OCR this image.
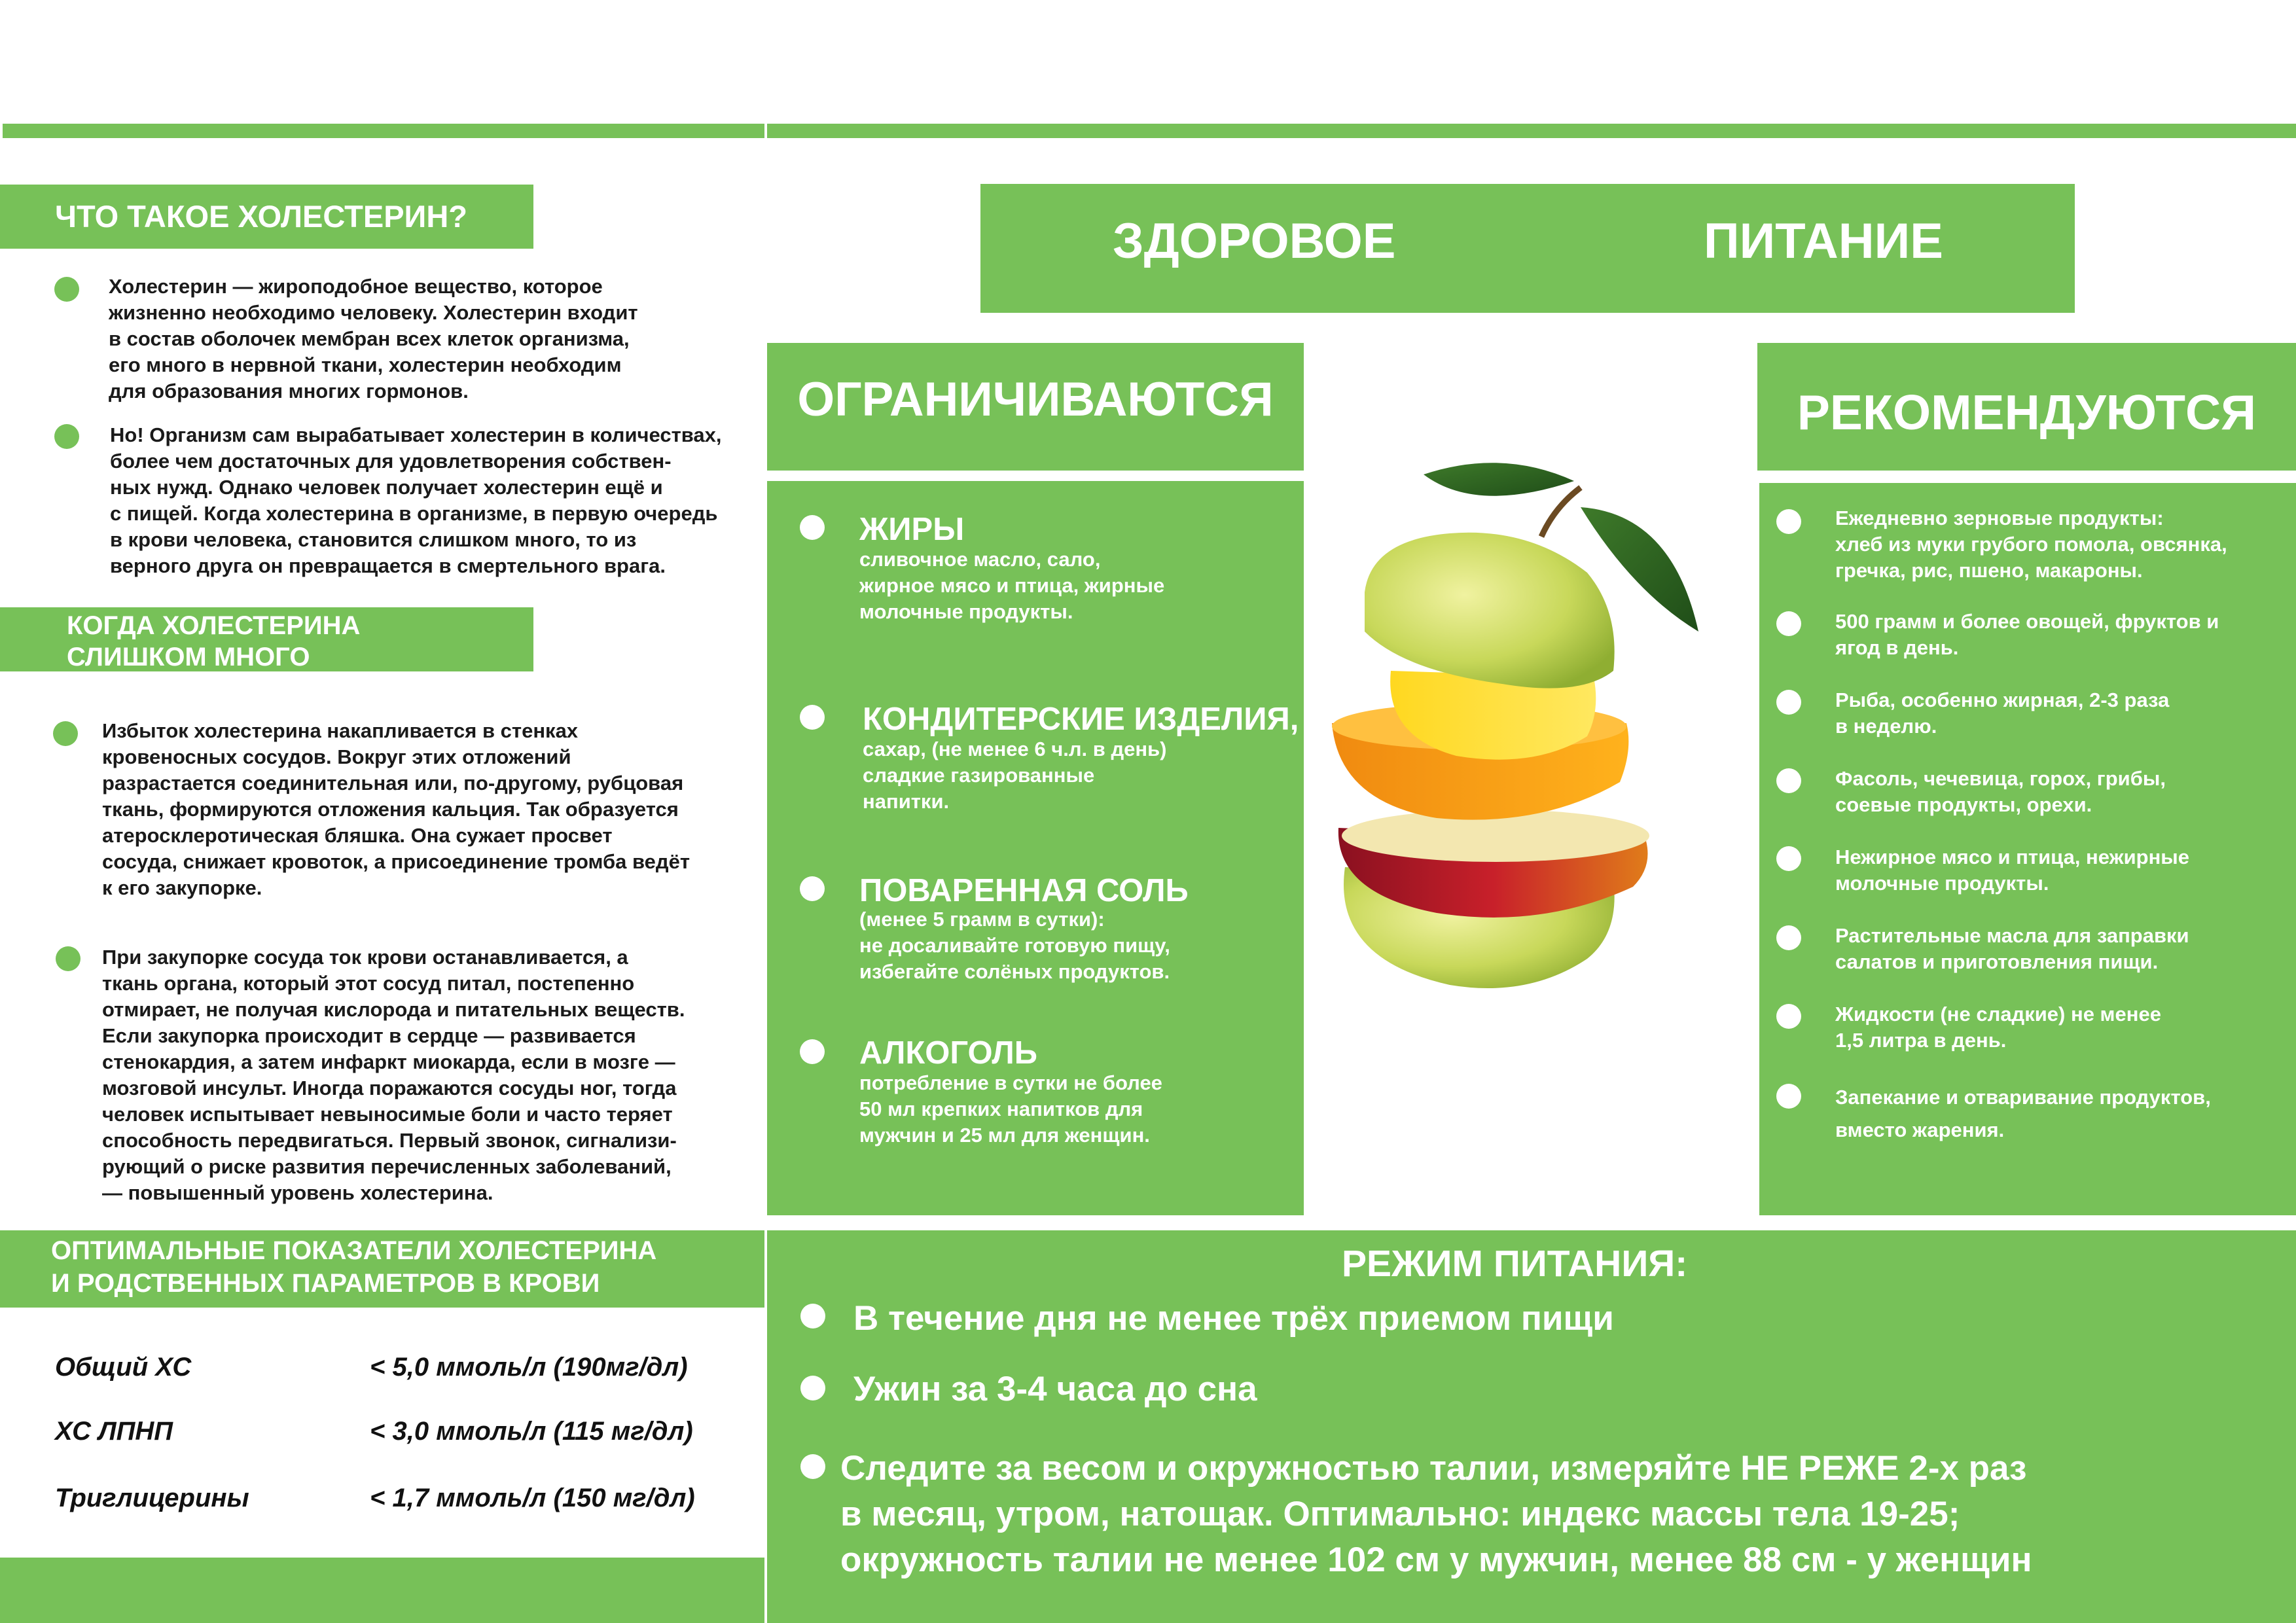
ЧТО ТАКОЕ ХОЛЕСТЕРИН?
Холестерин — жироподобное вещество, которое
жизненно необходимо человеку. Холестерин входит
в состав оболочек мембран всех клеток организма,
его много в нервной ткани, холестерин необходим
для образования многих гормонов.
Но! Организм сам вырабатывает холестерин в количествах,
более чем достаточных для удовлетворения собствен-
ных нужд. Однако человек получает холестерин ещё и
с пищей. Когда холестерина в организме, в первую очередь
в крови человека, становится слишком много, то из
верного друга он превращается в смертельного врага.
КОГДА ХОЛЕСТЕРИНА
СЛИШКОМ МНОГО
Избыток холестерина накапливается в стенках
кровеносных сосудов. Вокруг этих отложений
разрастается соединительная или, по-другому, рубцовая
ткань, формируются отложения кальция. Так образуется
атеросклеротическая бляшка. Она сужает просвет
сосуда, снижает кровоток, а присоединение тромба ведёт
к его закупорке.
При закупорке сосуда ток крови останавливается, а
ткань органа, который этот сосуд питал, постепенно
отмирает, не получая кислорода и питательных веществ.
Если закупорка происходит в сердце — развивается
стенокардия, а затем инфаркт миокарда, если в мозге —
мозговой инсульт. Иногда поражаются сосуды ног, тогда
человек испытывает невыносимые боли и часто теряет
способность передвигаться. Первый звонок, сигнализи-
рующий о риске развития перечисленных заболеваний,
— повышенный уровень холестерина.
ОПТИМАЛЬНЫЕ ПОКАЗАТЕЛИ ХОЛЕСТЕРИНА
И РОДСТВЕННЫХ ПАРАМЕТРОВ В КРОВИ
Общий ХС	< 5,0 ммоль/л (190мг/дл)
ХС ЛПНП	< 3,0 ммоль/л (115 мг/дл)
Триглицерины	< 1,7 ммоль/л (150 мг/дл)
ЗДОРОВОЕ	ПИТАНИЕ
ОГРАНИЧИВАЮТСЯ
ЖИРЫ
сливочное масло, сало,
жирное мясо и птица, жирные
молочные продукты.
КОНДИТЕРСКИЕ ИЗДЕЛИЯ,
сахар, (не менее 6 ч.л. в день)
сладкие газированные
напитки.
ПОВАРЕННАЯ СОЛЬ
(менее 5 грамм в сутки):
не досаливайте готовую пищу,
избегайте солёных продуктов.
АЛКОГОЛЬ
потребление в сутки не более
50 мл крепких напитков для
мужчин и 25 мл для женщин.
РЕКОМЕНДУЮТСЯ
Ежедневно зерновые продукты:
хлеб из муки грубого помола, овсянка,
гречка, рис, пшено, макароны.
500 грамм и более овощей, фруктов и
ягод в день.
Рыба, особенно жирная, 2-3 раза
в неделю.
Фасоль, чечевица, горох, грибы,
соевые продукты, орехи.
Нежирное мясо и птица, нежирные
молочные продукты.
Растительные масла для заправки
салатов и приготовления пищи.
Жидкости (не сладкие) не менее
1,5 литра в день.
Запекание и отваривание продуктов,
вместо жарения.
РЕЖИМ ПИТАНИЯ:
В течение дня не менее трёх приемом пищи
Ужин за 3-4 часа до сна
Следите за весом и окружностью талии, измеряйте НЕ РЕЖЕ 2-х раз
в месяц, утром, натощак. Оптимально: индекс массы тела 19-25;
окружность талии не менее 102 см у мужчин, менее 88 см - у женщин
